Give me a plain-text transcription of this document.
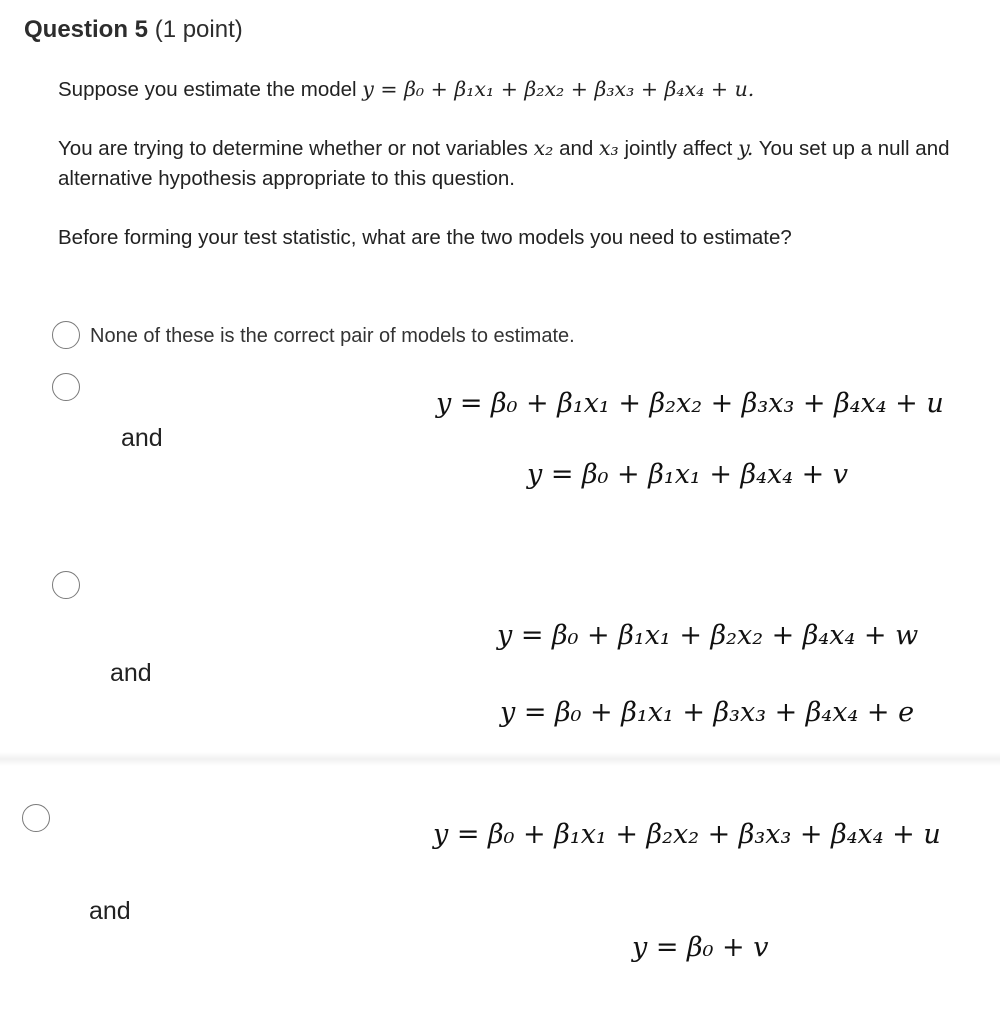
Question 5 (1 point)
Suppose you estimate the model y = β₀ + β₁x₁ + β₂x₂ + β₃x₃ + β₄x₄ + u.
You are trying to determine whether or not variables x₂ and x₃ jointly affect y. You set up a null and alternative hypothesis appropriate to this question.
Before forming your test statistic, what are the two models you need to estimate?
None of these is the correct pair of models to estimate.
y = β₀ + β₁x₁ + β₂x₂ + β₃x₃ + β₄x₄ + u
and
y = β₀ + β₁x₁ + β₄x₄ + v
y = β₀ + β₁x₁ + β₂x₂ + β₄x₄ + w
and
y = β₀ + β₁x₁ + β₃x₃ + β₄x₄ + e
y = β₀ + β₁x₁ + β₂x₂ + β₃x₃ + β₄x₄ + u
and
y = β₀ + v
